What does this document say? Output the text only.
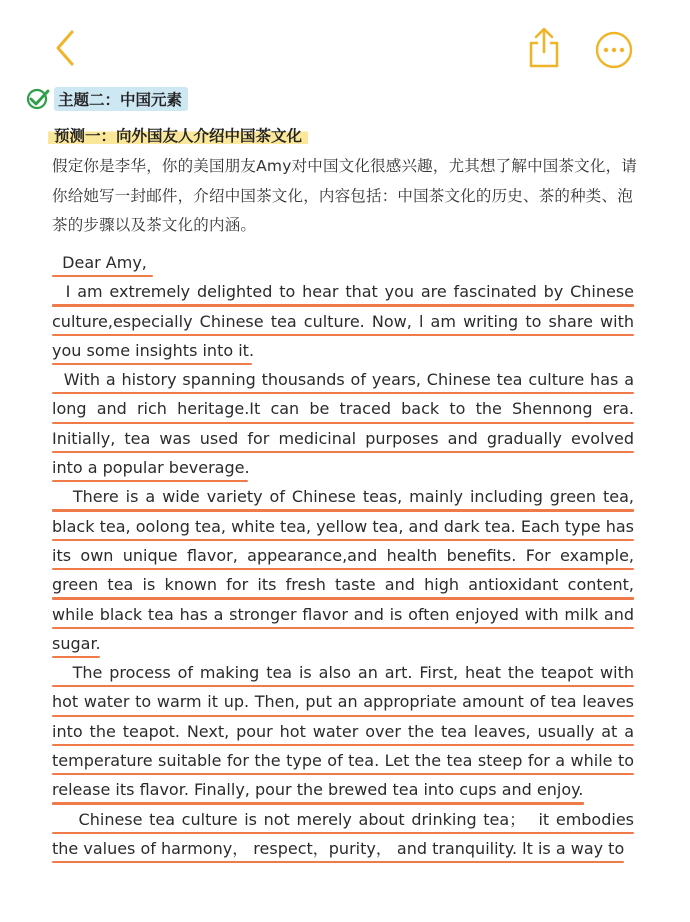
主题二：中国元素
预测一：向外国友人介绍中国茶文化
假定你是李华，你的美国朋友Amy对中国文化很感兴趣，尤其想了解中国茶文化，请你给她写一封邮件，介绍中国茶文化，内容包括：中国茶文化的历史、茶的种类、泡茶的步骤以及茶文化的内涵。
Dear Amy,
I am extremely delighted to hear that you are fascinated by Chinese
culture,especially Chinese tea culture. Now, l am writing to share with
you some insights into it.
With a history spanning thousands of years, Chinese tea culture has a
long and rich heritage.It can be traced back to the Shennong era.
Initially, tea was used for medicinal purposes and gradually evolved
into a popular beverage.
There is a wide variety of Chinese teas, mainly including green tea,
black tea, oolong tea, white tea, yellow tea, and dark tea. Each type has
its own unique flavor, appearance,and health benefits. For example,
green tea is known for its fresh taste and high antioxidant content,
while black tea has a stronger flavor and is often enjoyed with milk and
sugar.
The process of making tea is also an art. First, heat the teapot with
hot water to warm it up. Then, put an appropriate amount of tea leaves
into the teapot. Next, pour hot water over the tea leaves, usually at a
temperature suitable for the type of tea. Let the tea steep for a while to
release its flavor. Finally, pour the brewed tea into cups and enjoy.
Chinese tea culture is not merely about drinking tea；  it embodies
the values of harmony， respect，purity， and tranquility. lt is a way to
